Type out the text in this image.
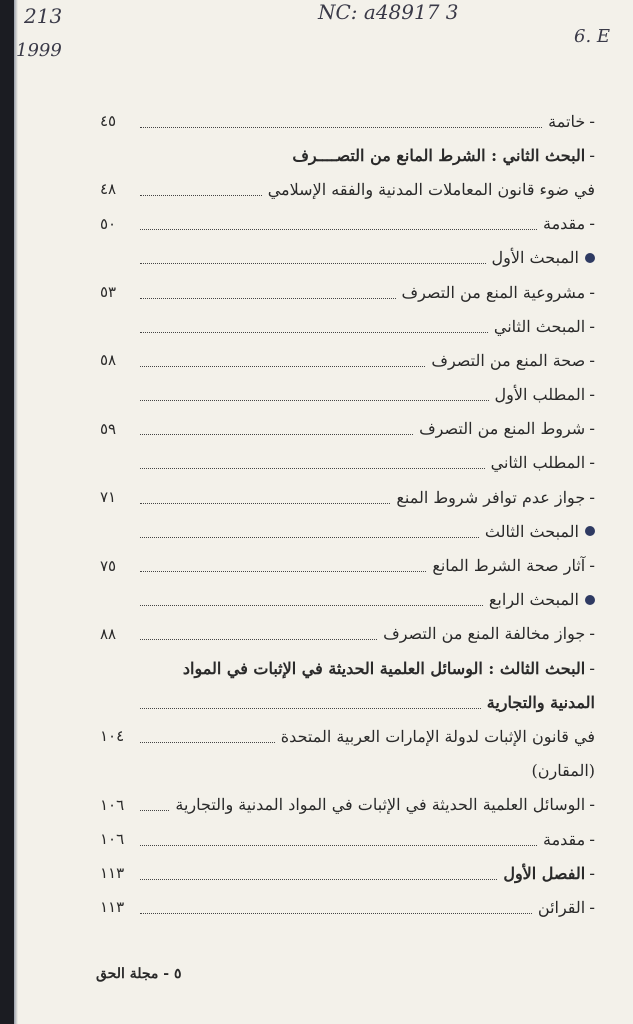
213
1999
NC: a48917 3
6. E
-
خاتمة
٤٥
-
البحث الثاني : الشرط المانع من التصــــرف
في ضوء قانون المعاملات المدنية والفقه الإسلامي
٤٨
-
مقدمة
٥٠
المبحث الأول
-
مشروعية المنع من التصرف
٥٣
-
المبحث الثاني
-
صحة المنع من التصرف
٥٨
-
المطلب الأول
-
شروط المنع من التصرف
٥٩
-
المطلب الثاني
-
جواز عدم توافر شروط المنع
٧١
المبحث الثالث
-
آثار صحة الشرط المانع
٧٥
المبحث الرابع
-
جواز مخالفة المنع من التصرف
٨٨
-
البحث الثالث : الوسائل العلمية الحديثة في الإثبات في المواد
المدنية والتجارية
في قانون الإثبات لدولة الإمارات العربية المتحدة
١٠٤
(المقارن)
-
الوسائل العلمية الحديثة في الإثبات في المواد المدنية والتجارية
١٠٦
-
مقدمة
١٠٦
-
الفصل الأول
١١٣
-
القرائن
١١٣
٥ - مجلة الحق
